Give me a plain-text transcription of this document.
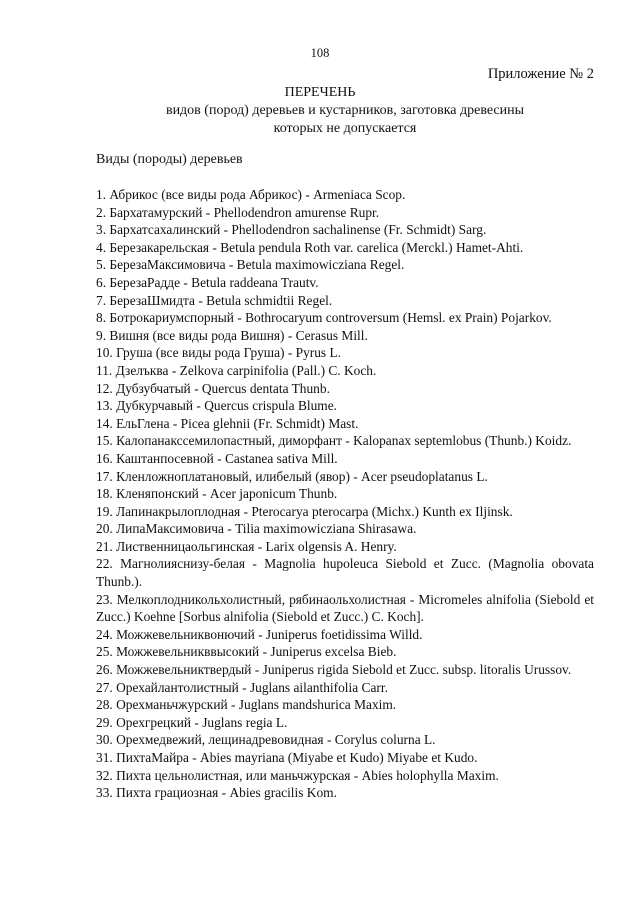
108
Приложение № 2
ПЕРЕЧЕНЬ
видов (пород) деревьев и кустарников, заготовка древесины
которых не допускается
Виды (породы) деревьев
1. Абрикос (все виды рода Абрикос) - Armeniaca Scop.
2. Бархатамурский - Phellodendron amurense Rupr.
3. Бархатсахалинский - Phellodendron sachalinense (Fr. Schmidt) Sarg.
4. Березакарельская - Betula pendula Roth var. carelica (Merckl.) Hamet-Ahti.
5. БерезаМаксимовича - Betula maximowicziana Regel.
6. БерезаРадде - Betula raddeana Trautv.
7. БерезаШмидта - Betula schmidtii Regel.
8. Ботрокариумспорный - Bothrocaryum controversum (Hemsl. ex Prain) Pojarkov.
9. Вишня (все виды рода Вишня) - Cerasus Mill.
10. Груша (все виды рода Груша) - Pyrus L.
11. Дзелъква - Zelkova carpinifolia (Pall.) C. Koch.
12. Дубзубчатый - Quercus dentata Thunb.
13. Дубкурчавый - Quercus crispula Blume.
14. ЕльГлена - Picea glehnii (Fr. Schmidt) Mast.
15. Калопанаксcемилопастный, диморфант - Kalopanax septemlobus (Thunb.) Koidz.
16. Каштанпосевной - Castanea sativa Mill.
17. Кленложноплатановый, илибелый (явор) - Acer pseudoplatanus L.
18. Кленяпонский - Acer japonicum Thunb.
19. Лапинакрылоплодная - Pterocarya pterocarpa (Michx.) Kunth ex Iljinsk.
20. ЛипаМаксимовича - Tilia maximowicziana Shirasawa.
21. Лиственницаольгинская - Larix olgensis A. Henry.
22. Магнолияснизу-белая - Magnolia hupoleuca Siebold et Zucc. (Magnolia obovata Thunb.).
23. Мелкоплодникольхолистный, рябинаольхолистная - Micromeles alnifolia (Siebold et Zucc.) Koehne [Sorbus alnifolia (Siebold et Zucc.) C. Koch].
24. Можжевельниквонючий - Juniperus foetidissima Willd.
25. Можжевельникввысокий - Juniperus excelsa Bieb.
26. Можжевельниктвердый - Juniperus rigida Siebold et Zucc. subsp. litoralis Urussov.
27. Орехайлантолистный - Juglans ailanthifolia Carr.
28. Орехманьчжурский - Juglans mandshurica Maxim.
29. Орехгрецкий - Juglans regia L.
30. Орехмедвежий, лещинадревовидная - Corylus colurna L.
31. ПихтаМайра - Abies mayriana (Miyabe et Kudo) Miyabe et Kudo.
32. Пихта цельнолистная, или маньчжурская - Abies holophylla Maxim.
33. Пихта грациозная - Abies gracilis Kom.
